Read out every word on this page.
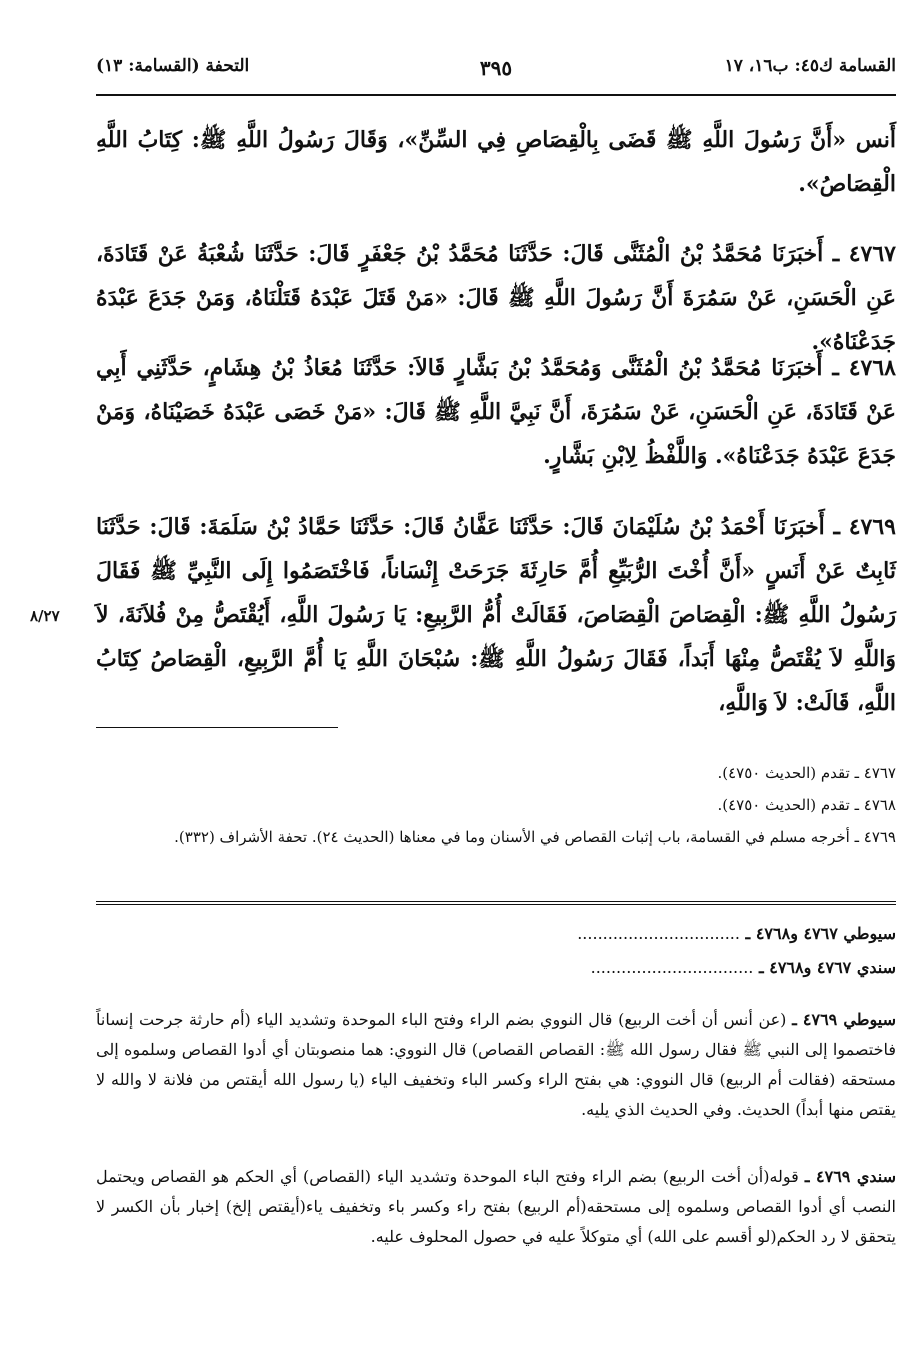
القسامة ك٤٥: ب١٦، ١٧
٣٩٥
التحفة (القسامة: ١٣)
أَنس «أَنَّ رَسُولَ اللَّهِ ﷺ قَضَى بِالْقِصَاصِ فِي السِّنِّ»، وَقَالَ رَسُولُ اللَّهِ ﷺ: كِتَابُ اللَّهِ الْقِصَاصُ».
٤٧٦٧ ـ أَخبَرَنَا مُحَمَّدُ بْنُ الْمُثَنَّى قَالَ: حَدَّثَنَا مُحَمَّدُ بْنُ جَعْفَرٍ قَالَ: حَدَّثَنَا شُعْبَةُ عَنْ قَتَادَةَ، عَنِ الْحَسَنِ، عَنْ سَمُرَةَ أَنَّ رَسُولَ اللَّهِ ﷺ قَالَ: «مَنْ قَتَلَ عَبْدَهُ قَتَلْنَاهُ، وَمَنْ جَدَعَ عَبْدَهُ جَدَعْنَاهُ».
٤٧٦٨ ـ أَخبَرَنَا مُحَمَّدُ بْنُ الْمُثَنَّى وَمُحَمَّدُ بْنُ بَشَّارٍ قَالاَ: حَدَّثَنَا مُعَاذُ بْنُ هِشَامٍ، حَدَّثَنِي أَبِي عَنْ قَتَادَةَ، عَنِ الْحَسَنِ، عَنْ سَمُرَةَ، أَنَّ نَبِيَّ اللَّهِ ﷺ قَالَ: «مَنْ خَصَى عَبْدَهُ خَصَيْنَاهُ، وَمَنْ جَدَعَ عَبْدَهُ جَدَعْنَاهُ». وَاللَّفْظُ لِابْنِ بَشَّارٍ.
٤٧٦٩ ـ أَخبَرَنَا أَحْمَدُ بْنُ سُلَيْمَانَ قَالَ: حَدَّثَنَا عَفَّانُ قَالَ: حَدَّثَنَا حَمَّادُ بْنُ سَلَمَةَ: قَالَ: حَدَّثَنَا ثَابِتٌ عَنْ أَنَسٍ «أَنَّ أُخْتَ الرُّبَيِّعِ أُمَّ حَارِثَةَ جَرَحَتْ إِنْسَاناً، فَاخْتَصَمُوا إِلَى النَّبِيِّ ﷺ فَقَالَ رَسُولُ اللَّهِ ﷺ: الْقِصَاصَ الْقِصَاصَ، فَقَالَتْ أُمُّ الرَّبِيعِ: يَا رَسُولَ اللَّهِ، أَيُقْتَصُّ مِنْ فُلاَنَةَ، لاَ وَاللَّهِ لاَ يُقْتَصُّ مِنْهَا أَبَداً، فَقَالَ رَسُولُ اللَّهِ ﷺ: سُبْحَانَ اللَّهِ يَا أُمَّ الرَّبِيعِ، الْقِصَاصُ كِتَابُ اللَّهِ، قَالَتْ: لاَ وَاللَّهِ،
٨/٢٧
٤٧٦٧ ـ تقدم (الحديث ٤٧٥٠).
٤٧٦٨ ـ تقدم (الحديث ٤٧٥٠).
٤٧٦٩ ـ أخرجه مسلم في القسامة، باب إثبات القصاص في الأسنان وما في معناها (الحديث ٢٤). تحفة الأشراف (٣٣٢).
سيوطي ٤٧٦٧ و٤٧٦٨ ـ ................................
سندي ٤٧٦٧ و٤٧٦٨ ـ ................................
سيوطي ٤٧٦٩ ـ (عن أنس أن أخت الربيع) قال النووي بضم الراء وفتح الباء الموحدة وتشديد الياء (أم حارثة جرحت إنساناً فاختصموا إلى النبي ﷺ فقال رسول الله ﷺ: القصاص القصاص) قال النووي: هما منصوبتان أي أدوا القصاص وسلموه إلى مستحقه (فقالت أم الربيع) قال النووي: هي بفتح الراء وكسر الباء وتخفيف الياء (يا رسول الله أيقتص من فلانة لا والله لا يقتص منها أبداً) الحديث. وفي الحديث الذي يليه.
سندي ٤٧٦٩ ـ قوله(أن أخت الربيع) بضم الراء وفتح الباء الموحدة وتشديد الياء (القصاص) أي الحكم هو القصاص ويحتمل النصب أي أدوا القصاص وسلموه إلى مستحقه(أم الربيع) بفتح راء وكسر باء وتخفيف ياء(أيقتص إلخ) إخبار بأن الكسر لا يتحقق لا رد الحكم(لو أقسم على الله) أي متوكلاً عليه في حصول المحلوف عليه.
